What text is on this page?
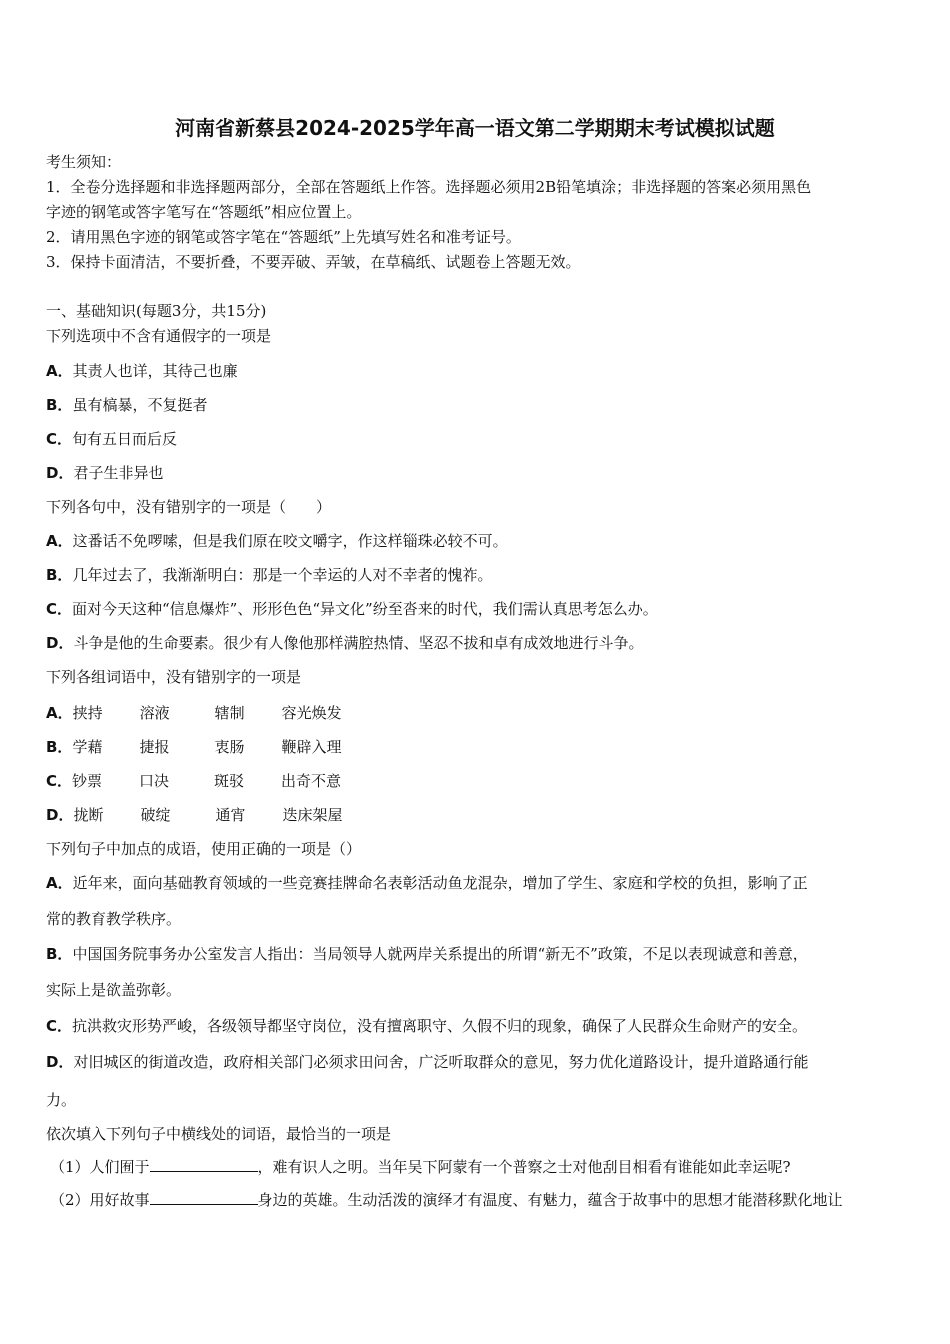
河南省新蔡县2024-2025学年高一语文第二学期期末考试模拟试题
考生须知：
1．全卷分选择题和非选择题两部分，全部在答题纸上作答。选择题必须用2B铅笔填涂；非选择题的答案必须用黑色
字迹的钢笔或答字笔写在“答题纸”相应位置上。
2．请用黑色字迹的钢笔或答字笔在“答题纸”上先填写姓名和准考证号。
3．保持卡面清洁，不要折叠，不要弄破、弄皱，在草稿纸、试题卷上答题无效。
一、基础知识(每题3分，共15分)
下列选项中不含有通假字的一项是
A．其责人也详，其待己也廉
B．虽有槁暴，不复挺者
C．旬有五日而后反
D．君子生非异也
下列各句中，没有错别字的一项是（　　）
A．这番话不免啰嗦，但是我们原在咬文嚼字，作这样锱珠必较不可。
B．几年过去了，我渐渐明白：那是一个幸运的人对不幸者的愧祚。
C．面对今天这种“信息爆炸”、形形色色“异文化”纷至沓来的时代，我们需认真思考怎么办。
D．斗争是他的生命要素。很少有人像他那样满腔热情、坚忍不拔和卓有成效地进行斗争。
下列各组词语中，没有错别字的一项是
A．挟持 溶液	辖制 容光焕发
B．学藉 捷报	衷肠 鞭辟入理
C．钞票 口决	斑驳 出奇不意
D．拢断 破绽	通宵 迭床架屋
下列句子中加点的成语，使用正确的一项是（）
A．近年来，面向基础教育领域的一些竞赛挂牌命名表彰活动鱼龙混杂，增加了学生、家庭和学校的负担，影响了正
常的教育教学秩序。
B．中国国务院事务办公室发言人指出：当局领导人就两岸关系提出的所谓“新无不”政策，不足以表现诚意和善意，
实际上是欲盖弥彰。
C．抗洪救灾形势严峻，各级领导都坚守岗位，没有擅离职守、久假不归的现象，确保了人民群众生命财产的安全。
D．对旧城区的街道改造，政府相关部门必须求田问舍，广泛听取群众的意见，努力优化道路设计，提升道路通行能
力。
依次填入下列句子中横线处的词语，最恰当的一项是
（1）人们囿于	，难有识人之明。当年吴下阿蒙有一个普察之士对他刮目相看有谁能如此幸运呢?
（2）用好故事	身边的英雄。生动活泼的演绎才有温度、有魅力，蕴含于故事中的思想才能潜移默化地让
